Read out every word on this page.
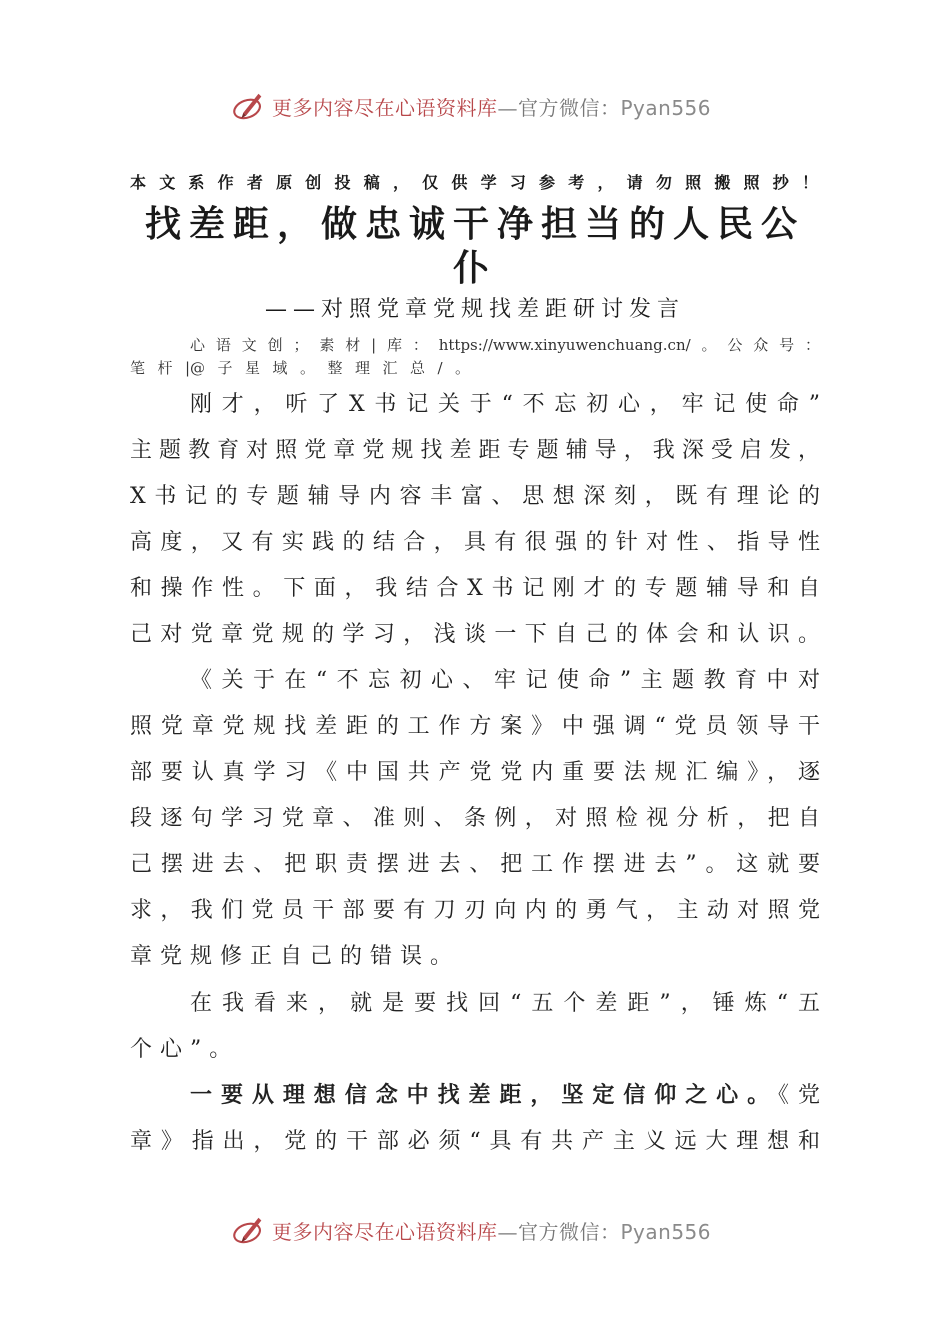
更多内容尽在心语资料库—官方微信：Pyan556
本文系作者原创投稿，仅供学习参考，请勿照搬照抄！
找差距，做忠诚干净担当的人民公
仆
——对照党章党规找差距研讨发言
心语文创；素材|库：https://www.xinyuwenchuang.cn/。公众号：
笔杆|@子星域。整理汇总/。
刚才，听了X书记关于“不忘初心，牢记使命”
主题教育对照党章党规找差距专题辅导，我深受启发，
X书记的专题辅导内容丰富、思想深刻，既有理论的
高度，又有实践的结合，具有很强的针对性、指导性
和操作性。下面，我结合X书记刚才的专题辅导和自
己对党章党规的学习，浅谈一下自己的体会和认识。
《关于在“不忘初心、牢记使命”主题教育中对
照党章党规找差距的工作方案》中强调“党员领导干
部要认真学习《中国共产党党内重要法规汇编》，逐
段逐句学习党章、准则、条例，对照检视分析，把自
己摆进去、把职责摆进去、把工作摆进去”。这就要
求，我们党员干部要有刀刃向内的勇气，主动对照党
章党规修正自己的错误。
在我看来，就是要找回“五个差距”，锤炼“五
个心”。
一要从理想信念中找差距，坚定信仰之心。《党
章》指出，党的干部必须“具有共产主义远大理想和
更多内容尽在心语资料库—官方微信：Pyan556
